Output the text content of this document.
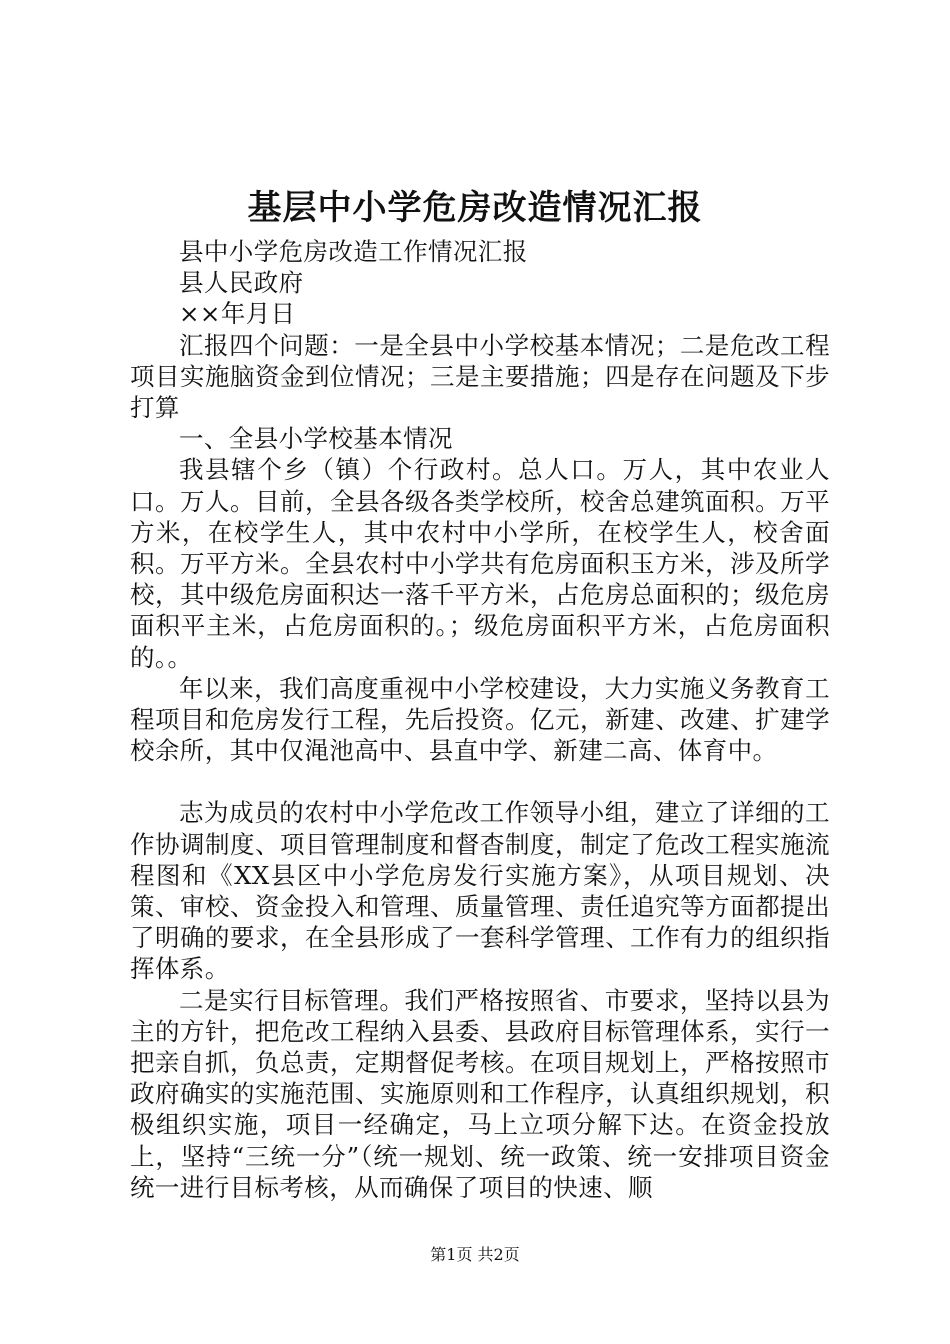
基层中小学危房改造情况汇报

县中小学危房改造工作情况汇报

县人民政府

××年月日

汇报四个问题：一是全县中小学校基本情况；二是危改工程项目实施脑资金到位情况；三是主要措施；四是存在问题及下步打算

一、全县小学校基本情况

我县辖个乡（镇）个行政村。总人口。万人，其中农业人口。万人。目前，全县各级各类学校所，校舍总建筑面积。万平方米，在校学生人，其中农村中小学所，在校学生人，校舍面积。万平方米。全县农村中小学共有危房面积玉方米，涉及所学校，其中级危房面积达一落千平方米，占危房总面积的；级危房面积平主米，占危房面积的。；级危房面积平方米，占危房面积的。。

年以来，我们高度重视中小学校建设，大力实施义务教育工程项目和危房发行工程，先后投资。亿元，新建、改建、扩建学校余所，其中仅渑池高中、县直中学、新建二高、体育中。

志为成员的农村中小学危改工作领导小组，建立了详细的工作协调制度、项目管理制度和督杳制度，制定了危改工程实施流程图和《XX县区中小学危房发行实施方案》，从项目规划、决策、审校、资金投入和管理、质量管理、责任追究等方面都提出了明确的要求，在全县形成了一套科学管理、工作有力的组织指挥体系。

二是实行目标管理。我们严格按照省、市要求，坚持以县为主的方针，把危改工程纳入县委、县政府目标管理体系，实行一把亲自抓，负总责，定期督促考核。在项目规划上，严格按照市政府确实的实施范围、实施原则和工作程序，认真组织规划，积极组织实施，项目一经确定，马上立项分解下达。在资金投放上，坚持“三统一分”（统一规划、统一政策、统一安排项目资金统一进行目标考核，从而确保了项目的快速、顺

第1页 共2页
